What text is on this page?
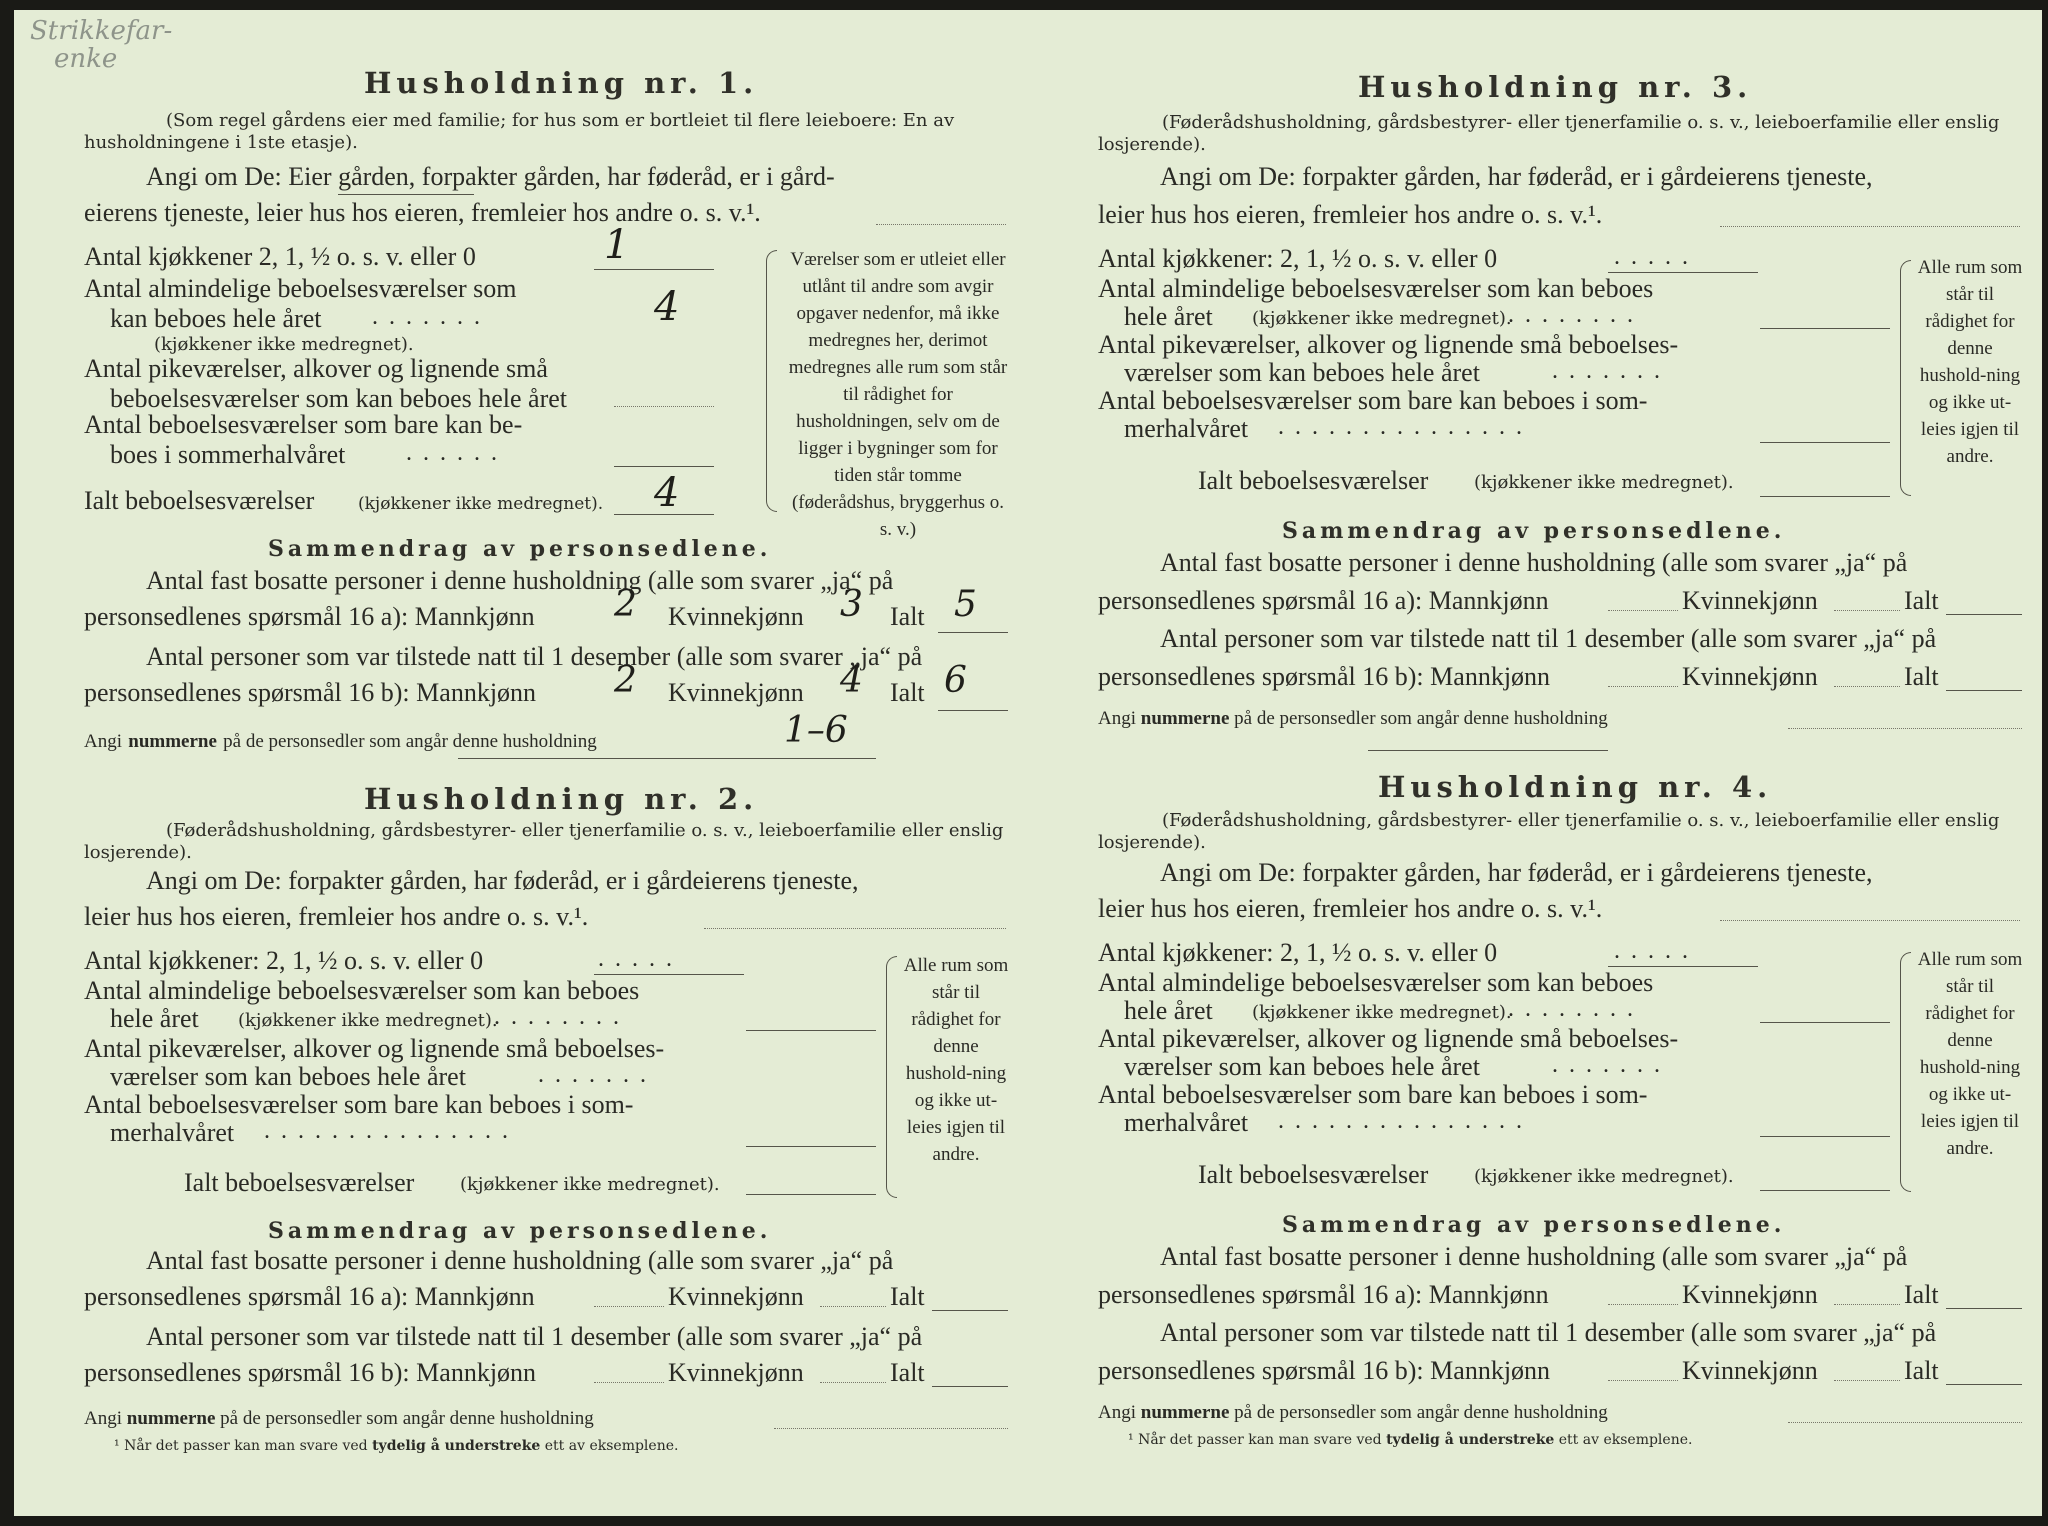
Strikkefar-
enke
Husholdning nr. 1.
(Som regel gårdens eier med familie; for hus som er bortleiet til flere leieboere: En av husholdningene i 1ste etasje).
Angi om De: Eier gården, forpakter gården, har føderåd, er i gård-
eierens tjeneste, leier hus hos eieren, fremleier hos andre o. s. v.¹.
Antal kjøkkener 2, 1, ½ o. s. v. eller 0	1
Antal almindelige beboelsesværelser som
kan beboes hele året .......	4
(kjøkkener ikke medregnet).
Antal pikeværelser, alkover og lignende små
beboelsesværelser som kan beboes hele året
Antal beboelsesværelser som bare kan be-
boes i sommerhalvåret	......
Ialt beboelsesværelser	(kjøkkener ikke medregnet). 4
Værelser som er utleiet eller utlånt til andre som avgir opgaver nedenfor, må ikke medregnes her, derimot medregnes alle rum som står til rådighet for husholdningen, selv om de ligger i bygninger som for tiden står tomme (føderådshus, bryggerhus o. s. v.)
Sammendrag av personsedlene.
Antal fast bosatte personer i denne husholdning (alle som svarer „ja“ på
personsedlenes spørsmål 16 a): Mannkjønn 2 Kvinnekjønn 3 Ialt 5
Antal personer som var tilstede natt til 1 desember (alle som svarer „ja“ på
personsedlenes spørsmål 16 b): Mannkjønn 2 Kvinnekjønn 4 Ialt 6
Angi nummerne på de personsedler som angår denne husholdning	1–6
Husholdning nr. 2.
(Føderådshusholdning, gårdsbestyrer- eller tjenerfamilie o. s. v., leieboerfamilie eller enslig losjerende).
Angi om De: forpakter gården, har føderåd, er i gårdeierens tjeneste,
leier hus hos eieren, fremleier hos andre o. s. v.¹.
Antal kjøkkener: 2, 1, ½ o. s. v. eller 0	.....
Antal almindelige beboelsesværelser som kan beboes
hele året (kjøkkener ikke medregnet).
........
Antal pikeværelser, alkover og lignende små beboelses-
værelser som kan beboes hele året	.......
Antal beboelsesværelser som bare kan beboes i som-
merhalvåret ...............
Ialt beboelsesværelser	(kjøkkener ikke medregnet).
Alle rum som står til rådighet for denne hushold-ning og ikke ut-leies igjen til andre.
Sammendrag av personsedlene.
Antal fast bosatte personer i denne husholdning (alle som svarer „ja“ på
personsedlenes spørsmål 16 a): Mannkjønn	Kvinnekjønn	Ialt
Antal personer som var tilstede natt til 1 desember (alle som svarer „ja“ på
personsedlenes spørsmål 16 b): Mannkjønn	Kvinnekjønn	Ialt
Angi nummerne på de personsedler som angår denne husholdning
¹ Når det passer kan man svare ved tydelig å understreke ett av eksemplene.
Husholdning nr. 3.
(Føderådshusholdning, gårdsbestyrer- eller tjenerfamilie o. s. v., leieboerfamilie eller enslig losjerende).
Angi om De: forpakter gården, har føderåd, er i gårdeierens tjeneste,
leier hus hos eieren, fremleier hos andre o. s. v.¹.
Antal kjøkkener: 2, 1, ½ o. s. v. eller 0	.....
Antal almindelige beboelsesværelser som kan beboes
hele året (kjøkkener ikke medregnet).
........
Antal pikeværelser, alkover og lignende små beboelses-
værelser som kan beboes hele året	.......
Antal beboelsesværelser som bare kan beboes i som-
merhalvåret ...............
Ialt beboelsesværelser	(kjøkkener ikke medregnet).
Alle rum som står til rådighet for denne hushold-ning og ikke ut-leies igjen til andre.
Sammendrag av personsedlene.
Antal fast bosatte personer i denne husholdning (alle som svarer „ja“ på
personsedlenes spørsmål 16 a): Mannkjønn	Kvinnekjønn	Ialt
Antal personer som var tilstede natt til 1 desember (alle som svarer „ja“ på
personsedlenes spørsmål 16 b): Mannkjønn	Kvinnekjønn	Ialt
Angi nummerne på de personsedler som angår denne husholdning
Husholdning nr. 4.
(Føderådshusholdning, gårdsbestyrer- eller tjenerfamilie o. s. v., leieboerfamilie eller enslig losjerende).
Angi om De: forpakter gården, har føderåd, er i gårdeierens tjeneste,
leier hus hos eieren, fremleier hos andre o. s. v.¹.
Antal kjøkkener: 2, 1, ½ o. s. v. eller 0	.....
Antal almindelige beboelsesværelser som kan beboes
hele året (kjøkkener ikke medregnet).
........
Antal pikeværelser, alkover og lignende små beboelses-
værelser som kan beboes hele året	.......
Antal beboelsesværelser som bare kan beboes i som-
merhalvåret ...............
Ialt beboelsesværelser	(kjøkkener ikke medregnet).
Alle rum som står til rådighet for denne hushold-ning og ikke ut-leies igjen til andre.
Sammendrag av personsedlene.
Antal fast bosatte personer i denne husholdning (alle som svarer „ja“ på
personsedlenes spørsmål 16 a): Mannkjønn	Kvinnekjønn	Ialt
Antal personer som var tilstede natt til 1 desember (alle som svarer „ja“ på
personsedlenes spørsmål 16 b): Mannkjønn	Kvinnekjønn	Ialt
Angi nummerne på de personsedler som angår denne husholdning
¹ Når det passer kan man svare ved tydelig å understreke ett av eksemplene.
